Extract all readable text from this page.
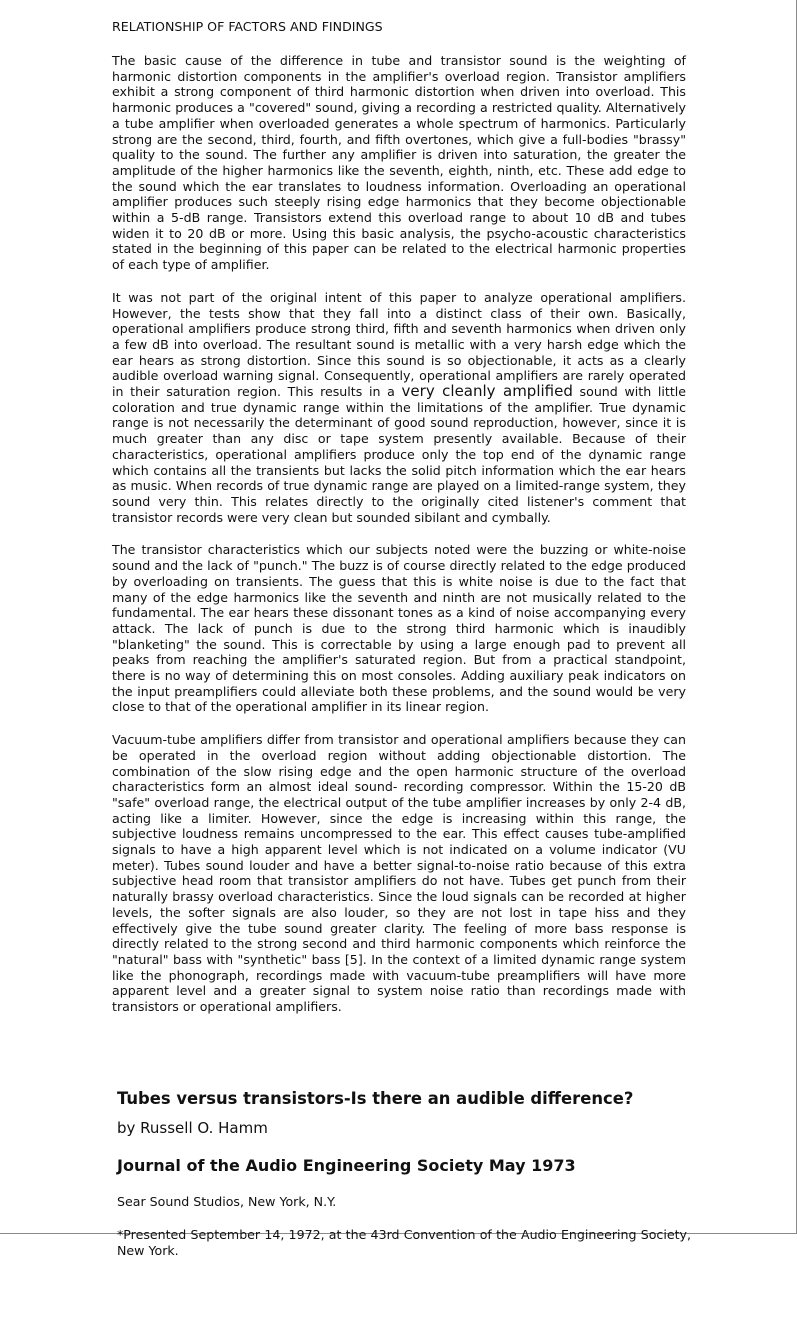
RELATIONSHIP OF FACTORS AND FINDINGS

The basic cause of the difference in tube and transistor sound is the weighting of harmonic distortion components in the amplifier's overload region. Transistor amplifiers exhibit a strong component of third harmonic distortion when driven into overload. This harmonic produces a "covered" sound, giving a recording a restricted quality. Alternatively a tube amplifier when overloaded generates a whole spectrum of harmonics. Particularly strong are the second, third, fourth, and fifth overtones, which give a full-bodies "brassy" quality to the sound. The further any amplifier is driven into saturation, the greater the amplitude of the higher harmonics like the seventh, eighth, ninth, etc. These add edge to the sound which the ear translates to loudness information. Overloading an operational amplifier produces such steeply rising edge harmonics that they become objectionable within a 5-dB range. Transistors extend this overload range to about 10 dB and tubes widen it to 20 dB or more. Using this basic analysis, the psycho-acoustic characteristics stated in the beginning of this paper can be related to the electrical harmonic properties of each type of amplifier.

It was not part of the original intent of this paper to analyze operational amplifiers. However, the tests show that they fall into a distinct class of their own. Basically, operational amplifiers produce strong third, fifth and seventh harmonics when driven only a few dB into overload. The resultant sound is metallic with a very harsh edge which the ear hears as strong distortion. Since this sound is so objectionable, it acts as a clearly audible overload warning signal. Consequently, operational amplifiers are rarely operated in their saturation region. This results in a very cleanly amplified sound with little coloration and true dynamic range within the limitations of the amplifier. True dynamic range is not necessarily the determinant of good sound reproduction, however, since it is much greater than any disc or tape system presently available. Because of their characteristics, operational amplifiers produce only the top end of the dynamic range which contains all the transients but lacks the solid pitch information which the ear hears as music. When records of true dynamic range are played on a limited-range system, they sound very thin. This relates directly to the originally cited listener's comment that transistor records were very clean but sounded sibilant and cymbally.

The transistor characteristics which our subjects noted were the buzzing or white-noise sound and the lack of "punch." The buzz is of course directly related to the edge produced by overloading on transients. The guess that this is white noise is due to the fact that many of the edge harmonics like the seventh and ninth are not musically related to the fundamental. The ear hears these dissonant tones as a kind of noise accompanying every attack. The lack of punch is due to the strong third harmonic which is inaudibly "blanketing" the sound. This is correctable by using a large enough pad to prevent all peaks from reaching the amplifier's saturated region. But from a practical standpoint, there is no way of determining this on most consoles. Adding auxiliary peak indicators on the input preamplifiers could alleviate both these problems, and the sound would be very close to that of the operational amplifier in its linear region.

Vacuum-tube amplifiers differ from transistor and operational amplifiers because they can be operated in the overload region without adding objectionable distortion. The combination of the slow rising edge and the open harmonic structure of the overload characteristics form an almost ideal sound- recording compressor. Within the 15-20 dB "safe" overload range, the electrical output of the tube amplifier increases by only 2-4 dB, acting like a limiter. However, since the edge is increasing within this range, the subjective loudness remains uncompressed to the ear. This effect causes tube-amplified signals to have a high apparent level which is not indicated on a volume indicator (VU meter). Tubes sound louder and have a better signal-to-noise ratio because of this extra subjective head room that transistor amplifiers do not have. Tubes get punch from their naturally brassy overload characteristics. Since the loud signals can be recorded at higher levels, the softer signals are also louder, so they are not lost in tape hiss and they effectively give the tube sound greater clarity. The feeling of more bass response is directly related to the strong second and third harmonic components which reinforce the "natural" bass with "synthetic" bass [5]. In the context of a limited dynamic range system like the phonograph, recordings made with vacuum-tube preamplifiers will have more apparent level and a greater signal to system noise ratio than recordings made with transistors or operational amplifiers.

Tubes versus transistors-Is there an audible difference?
by Russell O. Hamm
Journal of the Audio Engineering Society May 1973
Sear Sound Studios, New York, N.Y.
*Presented September 14, 1972, at the 43rd Convention of the Audio Engineering Society, New York.
